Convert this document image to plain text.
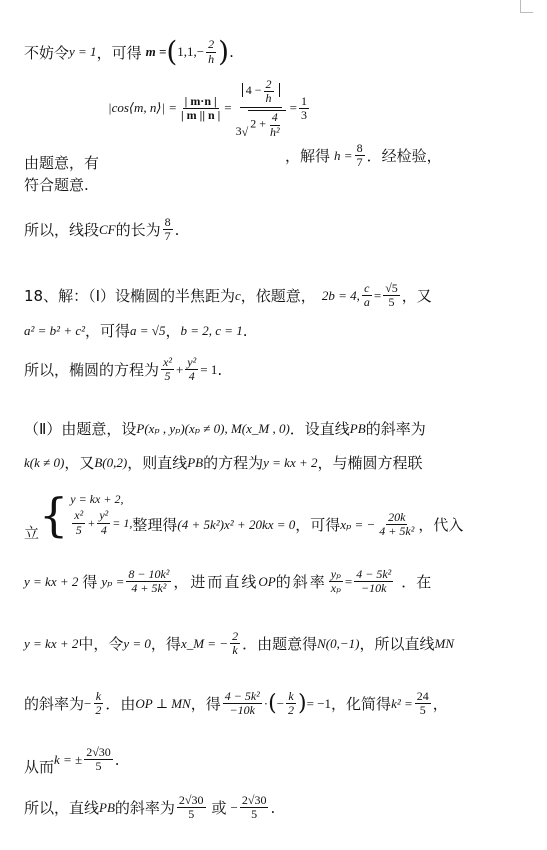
不妨令 y = 1 ，可得 m = ( $1,1,- \frac{2}{h}$ ) .
|cos⟨m, n⟩| = $\frac{| m\cdot n |}{| m || n |} = 4 - \frac{2}{h}$
3 √
$2 + \frac{4}{\text{h²}} = \frac{1}{3}$
由题意，有	，解得 $h = \frac{8}{7}$ ．经检验，
符合题意.
所以，线段 CF 的长为 $\frac{8}{7}$ .
18、解：（Ⅰ）设椭圆的半焦距为 c ，依题意， 2b = 4, $\frac{c}{a} = \frac{√5}{5}$ ，又
a² = b² + c² ，可得 a = √5 ， b = 2, c = 1 .
所以，椭圆的方程为 $\frac{\text{x²}}{5} + \frac{\text{y²}}{4} = 1$ .
（Ⅱ）由题意，设 P(xₚ , yₚ)(xₚ ≠ 0), M(x_M , 0) ．设直线 PB 的斜率为
k(k ≠ 0) ，又 B(0,2) ，则直线 PB 的方程为 y = kx + 2 ，与椭圆方程联
立 { y = kx + 2,
$\frac{\text{x²}}{5} + \frac{\text{y²}}{4} = 1$, 整理得 (4 + 5k²)x² + 20kx = 0 ，可得 xₚ = − $\frac{20k}{\text{4 + 5k²}}$ ，代入
y = kx + 2 得 $y_p = \frac{\text{8 − 10k²}}{\text{4 + 5k²}}$ ，进而直线 OP 的斜率 $\frac{\text{yₚ}}{\text{xₚ}} = \frac{\text{4 − 5k²}}{-10k}$ ．在
y = kx + 2 中，令 y = 0 ，得 x_M = − $\frac{2}{k}$ ．由题意得 N(0,−1) ，所以直线 MN
的斜率为 − $\frac{k}{2}$ ．由 OP ⊥ MN ，得 $\frac{\text{4 − 5k²}}{-10k}$ · ( − $\frac{k}{2}$ ) = −1 ，化简得 $k^2 = \frac{24}{5}$ ，
从而 k = ± $\frac{2√30}{5}$ .
所以，直线 PB 的斜率为 $\frac{2√30}{5}$ 或 − $\frac{2√30}{5}$ .
